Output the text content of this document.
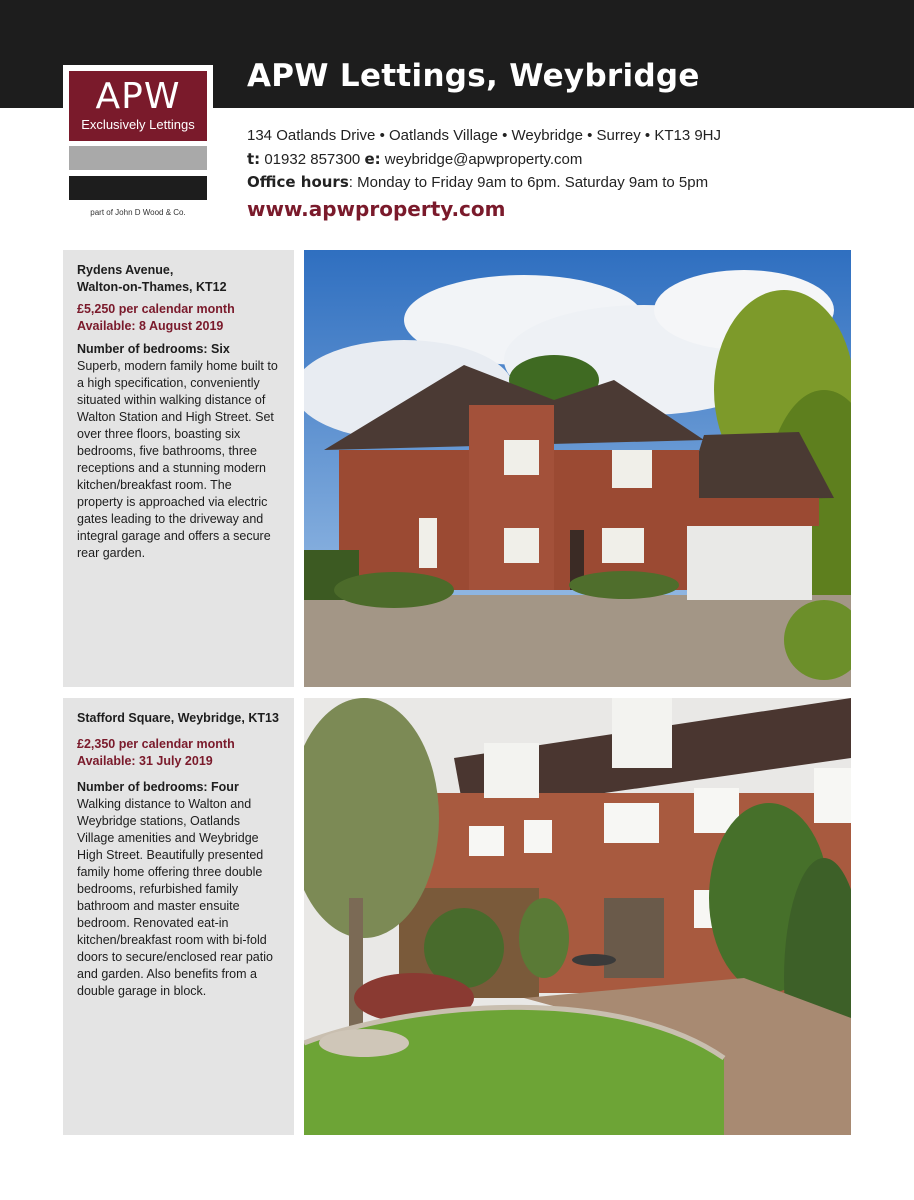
APW
Exclusively Lettings
part of John D Wood & Co.
APW Lettings, Weybridge
134 Oatlands Drive • Oatlands Village • Weybridge • Surrey • KT13 9HJ
t: 01932 857300 e: weybridge@apwproperty.com
Office hours: Monday to Friday 9am to 6pm. Saturday 9am to 5pm
www.apwproperty.com
Rydens Avenue,
Walton-on-Thames, KT12
£5,250 per calendar month
Available: 8 August 2019
Number of bedrooms: Six
Superb, modern family home built to a high specification, conveniently situated within walking distance of Walton Station and High Street. Set over three floors, boasting six bedrooms, five bathrooms, three receptions and a stunning modern kitchen/breakfast room. The property is approached via electric gates leading to the driveway and integral garage and offers a secure rear garden.
Stafford Square, Weybridge, KT13
£2,350 per calendar month
Available: 31 July 2019
Number of bedrooms: Four
Walking distance to Walton and Weybridge stations, Oatlands Village amenities and Weybridge High Street. Beautifully presented family home offering three double bedrooms, refurbished family bathroom and master ensuite bedroom. Renovated eat-in kitchen/breakfast room with bi-fold doors to secure/enclosed rear patio and garden. Also benefits from a double garage in block.
